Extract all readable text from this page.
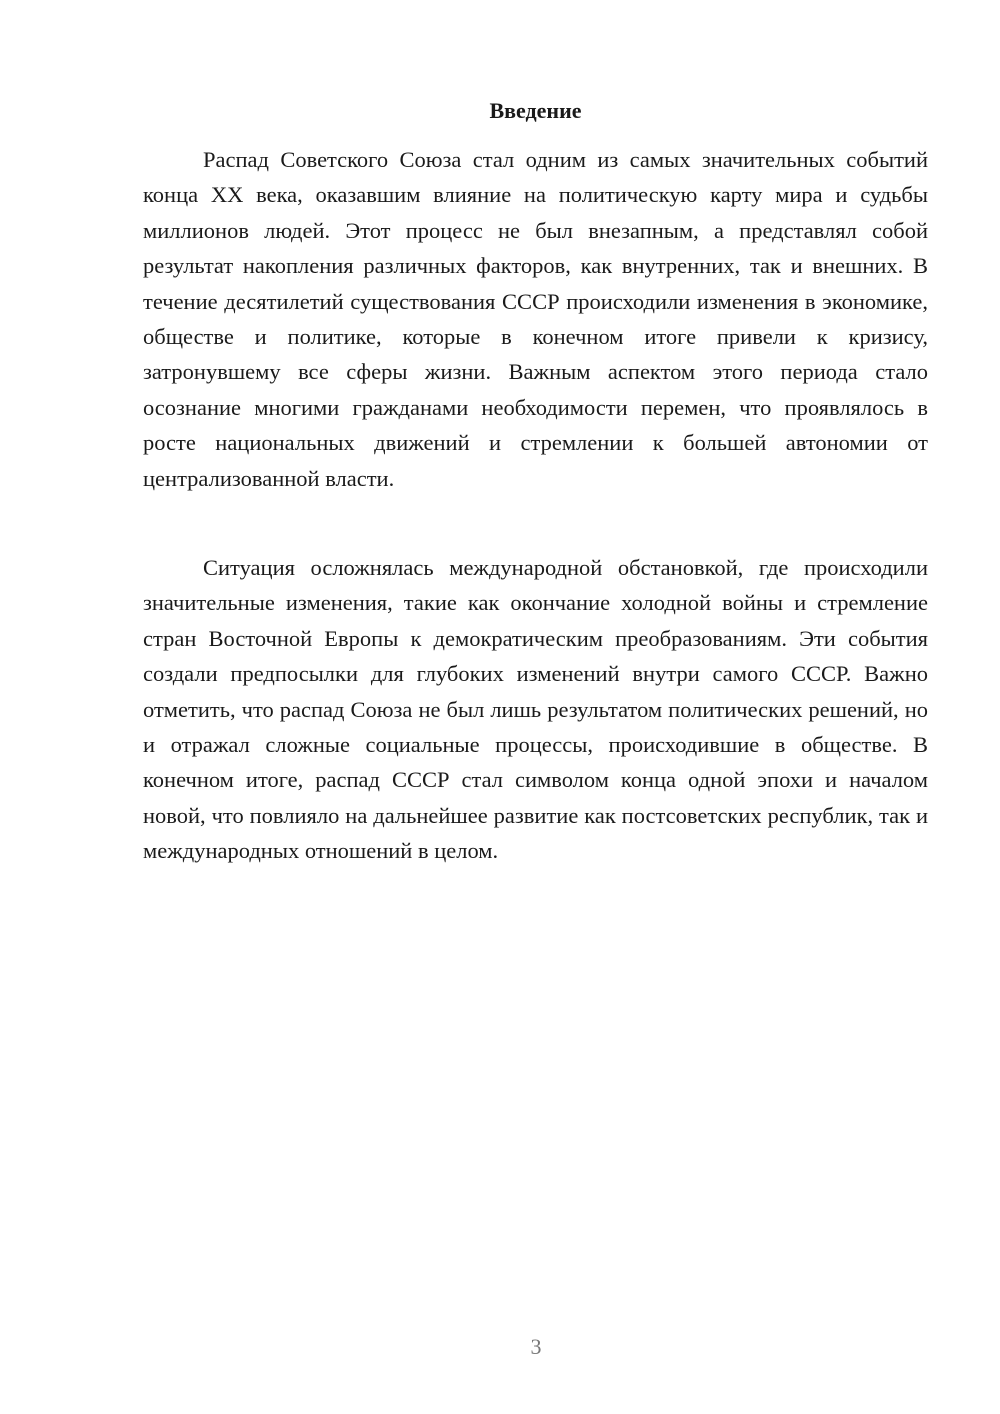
Введение

Распад Советского Союза стал одним из самых значительных событий конца XX века, оказавшим влияние на политическую карту мира и судьбы миллионов людей. Этот процесс не был внезапным, а представлял собой результат накопления различных факторов, как внутренних, так и внешних. В течение десятилетий существования СССР происходили изменения в экономике, обществе и политике, которые в конечном итоге привели к кризису, затронувшему все сферы жизни. Важным аспектом этого периода стало осознание многими гражданами необходимости перемен, что проявлялось в росте национальных движений и стремлении к большей автономии от централизованной власти.

Ситуация осложнялась международной обстановкой, где происходили значительные изменения, такие как окончание холодной войны и стремление стран Восточной Европы к демократическим преобразованиям. Эти события создали предпосылки для глубоких изменений внутри самого СССР. Важно отметить, что распад Союза не был лишь результатом политических решений, но и отражал сложные социальные процессы, происходившие в обществе. В конечном итоге, распад СССР стал символом конца одной эпохи и началом новой, что повлияло на дальнейшее развитие как постсоветских республик, так и международных отношений в целом.

3
